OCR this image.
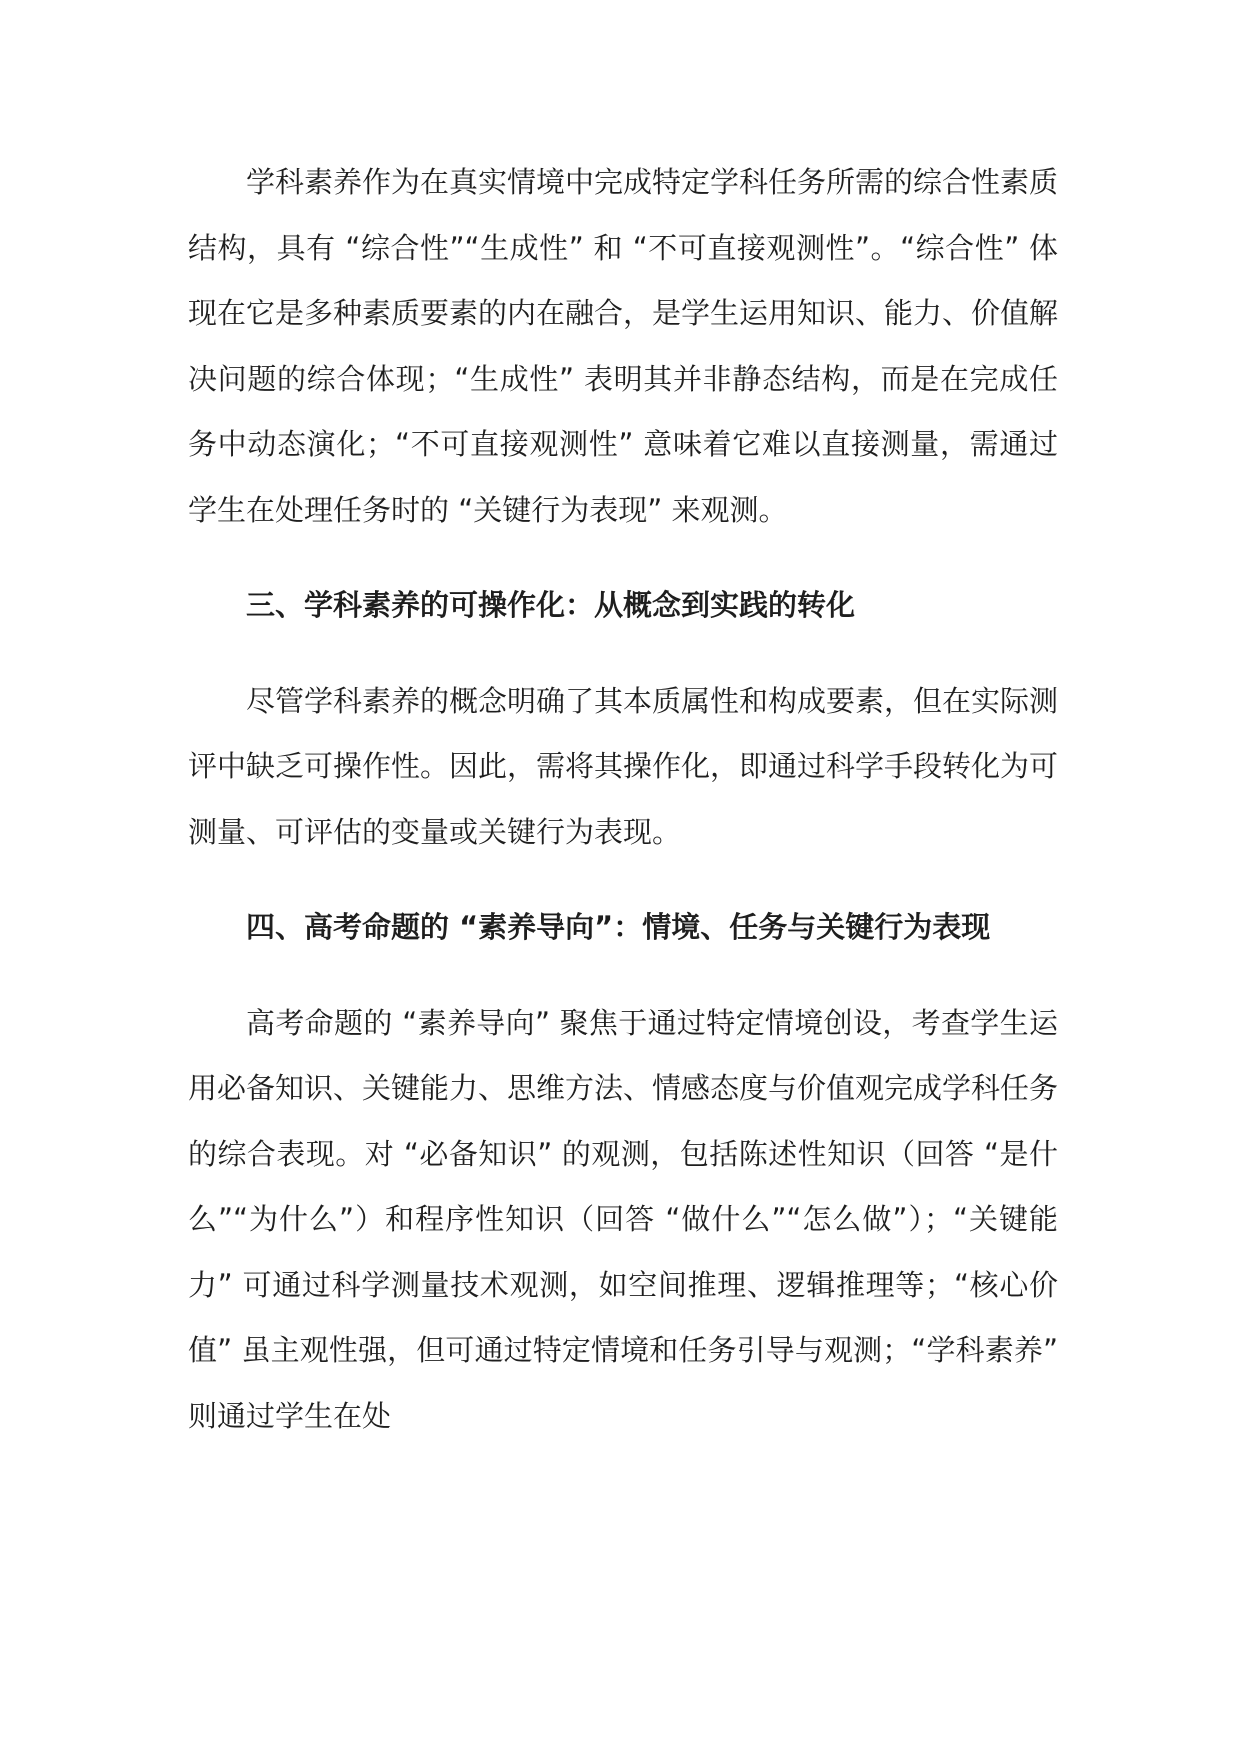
学科素养作为在真实情境中完成特定学科任务所需的综合性素质结构，具有 “综合性”“生成性” 和 “不可直接观测性”。“综合性” 体现在它是多种素质要素的内在融合，是学生运用知识、能力、价值解决问题的综合体现；“生成性” 表明其并非静态结构，而是在完成任务中动态演化；“不可直接观测性” 意味着它难以直接测量，需通过学生在处理任务时的 “关键行为表现” 来观测。

三、学科素养的可操作化：从概念到实践的转化

尽管学科素养的概念明确了其本质属性和构成要素，但在实际测评中缺乏可操作性。因此，需将其操作化，即通过科学手段转化为可测量、可评估的变量或关键行为表现。

四、高考命题的 “素养导向”：情境、任务与关键行为表现

高考命题的 “素养导向” 聚焦于通过特定情境创设，考查学生运用必备知识、关键能力、思维方法、情感态度与价值观完成学科任务的综合表现。对 “必备知识” 的观测，包括陈述性知识（回答 “是什么”“为什么”）和程序性知识（回答 “做什么”“怎么做”）；“关键能力” 可通过科学测量技术观测，如空间推理、逻辑推理等；“核心价值” 虽主观性强，但可通过特定情境和任务引导与观测；“学科素养” 则通过学生在处
